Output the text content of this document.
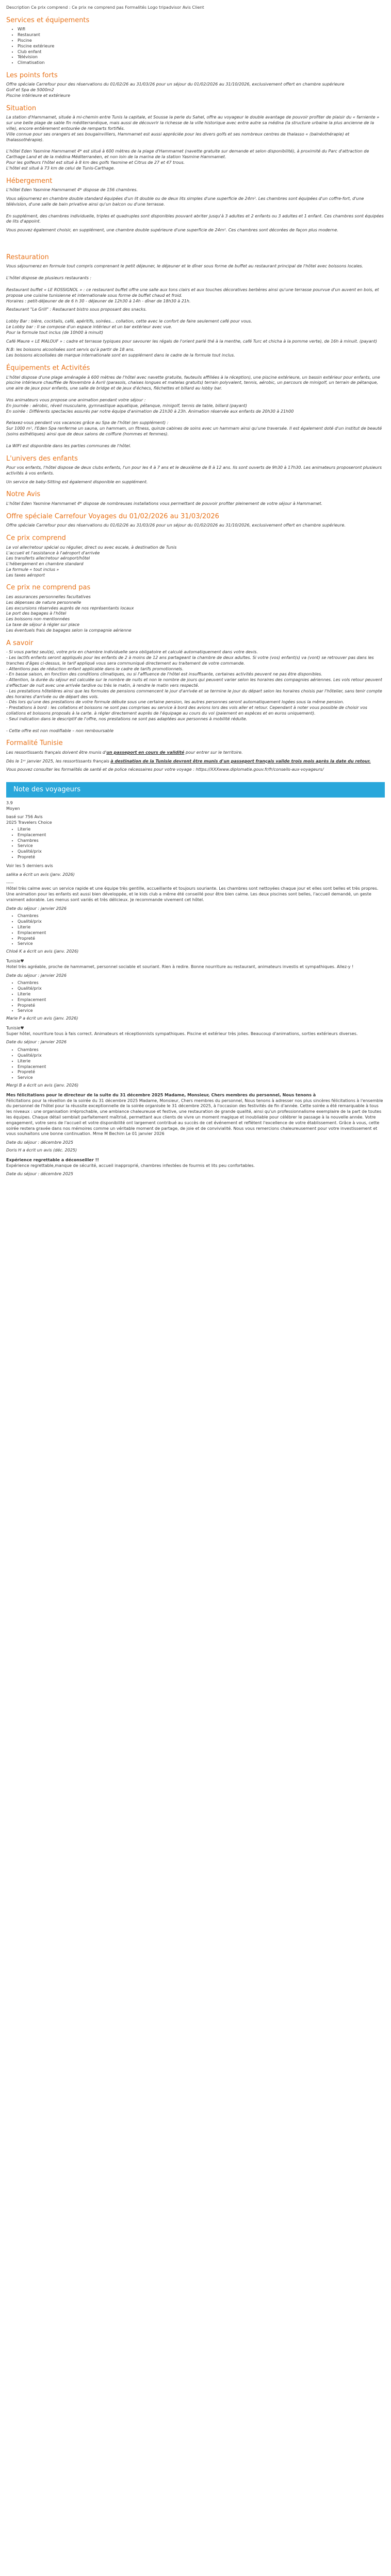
Description Ce prix comprend : Ce prix ne comprend pas Formalités Logo tripadvisor Avis Client
Services et équipements
• Wifi
• Restaurant
• Piscine
• Piscine extérieure
• Club enfant
• Télévision
• Climatisation
Les points forts

Offre spéciale Carrefour pour des réservations du 01/02/26 au 31/03/26 pour un séjour du 01/02/2026 au 31/10/2026, exclusivement offert en chambre supérieure

Golf et Spa de 5000m2

Piscine intérieure et extérieure

Situation

La station d'Hammamet, située à mi-chemin entre Tunis la capitale, et Sousse la perle du Sahel, offre au voyageur le double avantage de pouvoir profiter de plaisir du « farniente » sur une belle plage de sable fin méditerranéique, mais aussi de découvrir la richesse de la ville historique avec entre autre sa médina (la structure urbaine la plus ancienne de la ville), encore entièrement entourée de remparts fortifiés.

Ville connue pour ses orangers et ses bougainvilliers, Hammamet est aussi appréciée pour les divers golfs et ses nombreux centres de thalasso « (balnéothérapie) et thalassothérapie).

L'hôtel Eden Yasmine Hammamet 4* est situé à 600 mètres de la plage d'Hammamet (navette gratuite sur demande et selon disponibilité), à proximité du Parc d'attraction de Carthage Land et de la médina Méditerranéen, et non loin de la marina de la station Yasmine Hammamet.

Pour les golfeurs l'hôtel est situé à 8 km des golfs Yasmine et Citrus de 27 et 47 trous.

L'hôtel est situé à 73 km de celui de Tunis-Carthage.

Hébergement

L'hôtel Eden Yasmine Hammamet 4* dispose de 156 chambres.

Vous séjournerez en chambre double standard équipées d'un lit double ou de deux lits simples d'une superficie de 24m². Les chambres sont équipées d'un coffre-fort, d'une télévision, d'une salle de bain privative ainsi qu'un balcon ou d'une terrasse.

En supplément, des chambres individuelle, triples et quadruples sont disponibles pouvant abriter jusqu'à 3 adultes et 2 enfants ou 3 adultes et 1 enfant. Ces chambres sont équipées de lits d'appoint.

Vous pouvez également choisir, en supplément, une chambre double supérieure d'une superficie de 24m². Ces chambres sont décorées de façon plus moderne.

Restauration

Vous séjournerez en formule tout compris comprenant le petit déjeuner, le déjeuner et le dîner sous forme de buffet au restaurant principal de l'hôtel avec boissons locales.

L'hôtel dispose de plusieurs restaurants :

Restaurant buffet « LE ROSSIGNOL » : ce restaurant buffet offre une salle aux tons clairs et aux touches décoratives berbères ainsi qu'une terrasse pourvue d'un auvent en bois, et propose une cuisine tunisienne et internationale sous forme de buffet chaud et froid.

Horaires : petit-déjeuner de de 6 h 30 - déjeuner de 12h30 à 14h - dîner de 18h30 à 21h.

Restaurant "Le Grill" : Restaurant bistro sous proposant des snacks.

Lobby Bar : bière, cocktails, café, apéritifs, soirées... collation, cette avec le confort de faire seulement café pour vous.

Le Lobby bar : Il se compose d'un espace intérieur et un bar extérieur avec vue.

Pour la formule tout inclus (de 10h00 à minuit)

Café Maure « LE MALOUF » : cadre et terrasse typiques pour savourer les régals de l'orient parlé thé à la menthe, café Turc et chicha à la pomme verte), de 16h à minuit. (payant)

N.B: les boissons alcoolisées sont servis qu'à partir de 18 ans.

Les boissons alcoolisées de marque internationale sont en supplément dans le cadre de la formule tout inclus.

Équipements et Activités

L'hôtel dispose d'une plage aménagée à 600 mètres de l'hôtel avec navette gratuite, fauteuils affiliées à la réception), une piscine extérieure, un bassin extérieur pour enfants, une piscine intérieure chauffée de Novembre à Avril (parasols, chaises longues et matelas gratuits) terrain polyvalent, tennis, aérobic, un parcours de minigolf, un terrain de pétanque, une aire de jeux pour enfants, une salle de bridge et de jeux d'échecs, fléchettes et billard au lobby bar.

Vos animateurs vous propose une animation pendant votre séjour :

En journée : aérobic, réveil musculaire, gymnastique aquatique, pétanque, minigolf, tennis de table, billard (payant)

En soirée : Différents spectacles assurés par notre équipe d'animation de 21h30 à 23h. Animation réservée aux enfants de 20h30 à 21h00

Relaxez-vous pendant vos vacances grâce au Spa de l'hôtel (en supplément) :

Sur 1000 m², l'Eden Spa renferme un sauna, un hammam, un fitness, quinze cabines de soins avec un hammam ainsi qu'une traversée. Il est également doté d'un institut de beauté (soins esthétiques) ainsi que de deux salons de coiffure (hommes et femmes).

La WIFI est disponible dans les parties communes de l'hôtel.

L'univers des enfants

Pour vos enfants, l'hôtel dispose de deux clubs enfants, l'un pour les 4 à 7 ans et le deuxième de 8 à 12 ans. Ils sont ouverts de 9h30 à 17h30. Les animateurs proposeront plusieurs activités à vos enfants.

Un service de baby-Sitting est également disponible en supplément.

Notre Avis

L'hôtel Eden Yasmine Hammamet 4* dispose de nombreuses installations vous permettant de pouvoir profiter pleinement de votre séjour à Hammamet.

Offre spéciale Carrefour Voyages du 01/02/2026 au 31/03/2026

Offre spéciale Carrefour pour des réservations du 01/02/26 au 31/03/26 pour un séjour du 01/02/2026 au 31/10/2026, exclusivement offert en chambre supérieure.

Ce prix comprend

Le vol aller/retour spécial ou régulier, direct ou avec escale, à destination de Tunis

L'accueil et l'assistance à l'aéroport d'arrivée

Les transferts aller/retour aéroport/hôtel

L'hébergement en chambre standard

La formule « tout inclus »

Les taxes aéroport

Ce prix ne comprend pas

Les assurances personnelles facultatives

Les dépenses de nature personnelle

Les excursions réservées auprès de nos représentants locaux

Le port des bagages à l'hôtel

Les boissons non mentionnées

La taxe de séjour à régler sur place

Les éventuels frais de bagages selon la compagnie aérienne

A savoir

- Si vous partez seul(e), votre prix en chambre individuelle sera obligatoire et calculé automatiquement dans votre devis.

- Les lactifs enfants seront appliqués pour les enfants de 2 à moins de 12 ans partageant la chambre de deux adultes. Si votre (vos) enfant(s) va (vont) se retrouver pas dans les tranches d'âges ci-dessus, le tarif appliqué vous sera communiqué directement au traitement de votre commande.

- Attentions pas de réduction enfant applicable dans le cadre de tarifs promotionnels.

- En basse saison, en fonction des conditions climatiques, ou si l'affluence de l'hôtel est insuffisante, certaines activités peuvent ne pas être disponibles.

- Attention, la durée du séjour est calculée sur le nombre de nuits et non le nombre de jours qui peuvent varier selon les horaires des compagnies aériennes. Les vols retour peuvent s'effectuer de nuit avec une arrivée tardive ou très le matin, à rendre le matin vers respecté.

- Les prestations hôtelières ainsi que les formules de pensions commencent le jour d'arrivée et se termine le jour du départ selon les horaires choisis par l'hôtelier, sans tenir compte des horaires d'arrivée ou de départ des vols.

- Dès lors qu'une des prestations de votre formule débute sous une certaine pension, les autres personnes seront automatiquement logées sous la même pension.

- Prestations à bord : les collations et boissons ne sont pas comprises au service à bord des avions lors des vols aller et retour. Cependant à noter vous possible de choisir vos collations et boissons proposés à la carte. à régler directement auprès de l'équipage au cours du vol (paiement en espèces et en euros uniquement).

- Seul indication dans le descriptif de l'offre, nos prestations ne sont pas adaptées aux personnes à mobilité réduite.

- Cette offre est non modifiable – non remboursable

Formalité Tunisie

Les ressortissants français doivent être munis d'un passeport en cours de validité pour entrer sur le territoire.

Dès le 1ᵉʳ janvier 2025, les ressortissants français à destination de la Tunisie devront être munis d'un passeport français valide trois mois après la date du retour.

Vous pouvez consulter les formalités de santé et de police nécessaires pour votre voyage : https://XXXwww.diplomatie.gouv.fr/fr/conseils-aux-voyageurs/

Note des voyageurs

3.9

Moyen

basé sur 756 Avis

2025 Travelers Choice

• Literie
• Emplacement
• Chambres
• Service
• Qualité/prix
• Propreté

Voir les 5 derniers avis

salika a écrit un avis (janv. 2026)

-----

Hôtel très calme avec un service rapide et une équipe très gentille, accueillante et toujours souriante. Les chambres sont nettoyées chaque jour et elles sont belles et très propres. Une animation pour les enfants est aussi bien développée, et le kids club a même été conseillé pour être bien calme. Les deux piscines sont belles, l'accueil demandé, un geste vraiment adorable. Les menus sont variés et très délicieux. Je recommande vivement cet hôtel.

Date du séjour : janvier 2026

• Chambres
• Qualité/prix
• Literie
• Emplacement
• Propreté
• Service

Chloé K a écrit un avis (janv. 2026)

Tunisie♥

Hotel très agréable, proche de hammamet, personnel sociable et souriant. Rien à redire. Bonne nourriture au restaurant, animateurs investis et sympathiques. Allez-y !

Date du séjour : janvier 2026

• Chambres
• Qualité/prix
• Literie
• Emplacement
• Propreté
• Service

Marie P a écrit un avis (janv. 2026)

Tunisie♥

Super hôtel, nourriture tous à fais correct. Animateurs et réceptionnists sympathiques. Piscine et extérieur très jolies. Beaucoup d'animations, sorties extérieurs diverses.

Date du séjour : janvier 2026

• Chambres
• Qualité/prix
• Literie
• Emplacement
• Propreté
• Service

Mergi B a écrit un avis (janv. 2026)

Mes félicitations pour le directeur de la suite du 31 décembre 2025 Madame, Monsieur, Chers membres du personnel, Nous tenons à

Félicitations pour la réveillon de la soirée du 31 décembre 2025 Madame, Monsieur, Chers membres du personnel, Nous tenons à adresser nos plus sincères félicitations à l'ensemble du personnel de l'hôtel pour la réussite exceptionnelle de la soirée organisée le 31 décembre 2025, à l'occasion des festivités de fin d'année. Cette soirée a été remarquable à tous les niveaux : une organisation irréprochable, une ambiance chaleureuse et festive, une restauration de grande qualité, ainsi qu'un professionnalisme exemplaire de la part de toutes les équipes. Chaque détail semblait parfaitement maîtrisé, permettant aux clients de vivre un moment magique et inoubliable pour célébrer le passage à la nouvelle année. Votre engagement, votre sens de l'accueil et votre disponibilité ont largement contribué au succès de cet événement et reflètent l'excellence de votre établissement. Grâce à vous, cette soirée restera gravée dans nos mémoires comme un véritable moment de partage, de joie et de convivialité. Nous vous remercions chaleureusement pour votre investissement et vous souhaitons une bonne continuation. Mme M Bechim Le 01 janvier 2026

Date du séjour : décembre 2025

Doris H a écrit un avis (déc. 2025)

Expérience regrettable a déconseiller !!

Expérience regrettable,manque de sécurité, accueil inapproprié, chambres infestées de fourmis et lits peu confortables.

Date du séjour : décembre 2025
